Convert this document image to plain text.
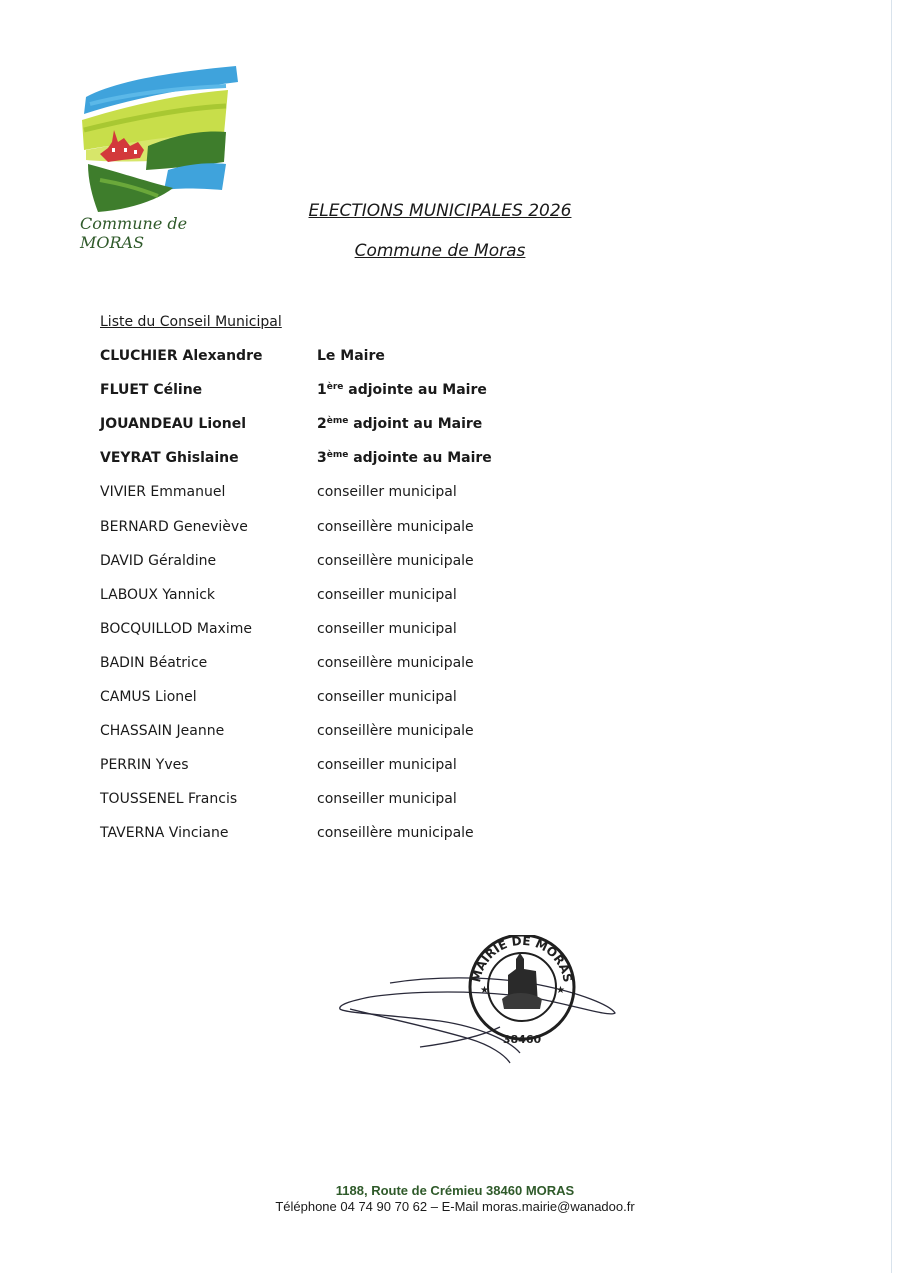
Commune de MORAS
ELECTIONS MUNICIPALES 2026
Commune de Moras
Liste du Conseil Municipal
CLUCHIER Alexandre	Le Maire
FLUET Céline	1ère adjointe au Maire
JOUANDEAU Lionel	2ème adjoint au Maire
VEYRAT Ghislaine	3ème adjointe au Maire
VIVIER Emmanuel	conseiller municipal
BERNARD Geneviève	conseillère municipale
DAVID Géraldine	conseillère municipale
LABOUX Yannick	conseiller municipal
BOCQUILLOD Maxime	conseiller municipal
BADIN Béatrice	conseillère municipale
CAMUS Lionel	conseiller municipal
CHASSAIN Jeanne	conseillère municipale
PERRIN Yves	conseiller municipal
TOUSSENEL Francis	conseiller municipal
TAVERNA Vinciane	conseillère municipale
MAIRIE DE MORAS
38460
★	★
1188, Route de Crémieu 38460 MORAS
Téléphone 04 74 90 70 62 – E-Mail moras.mairie@wanadoo.fr
